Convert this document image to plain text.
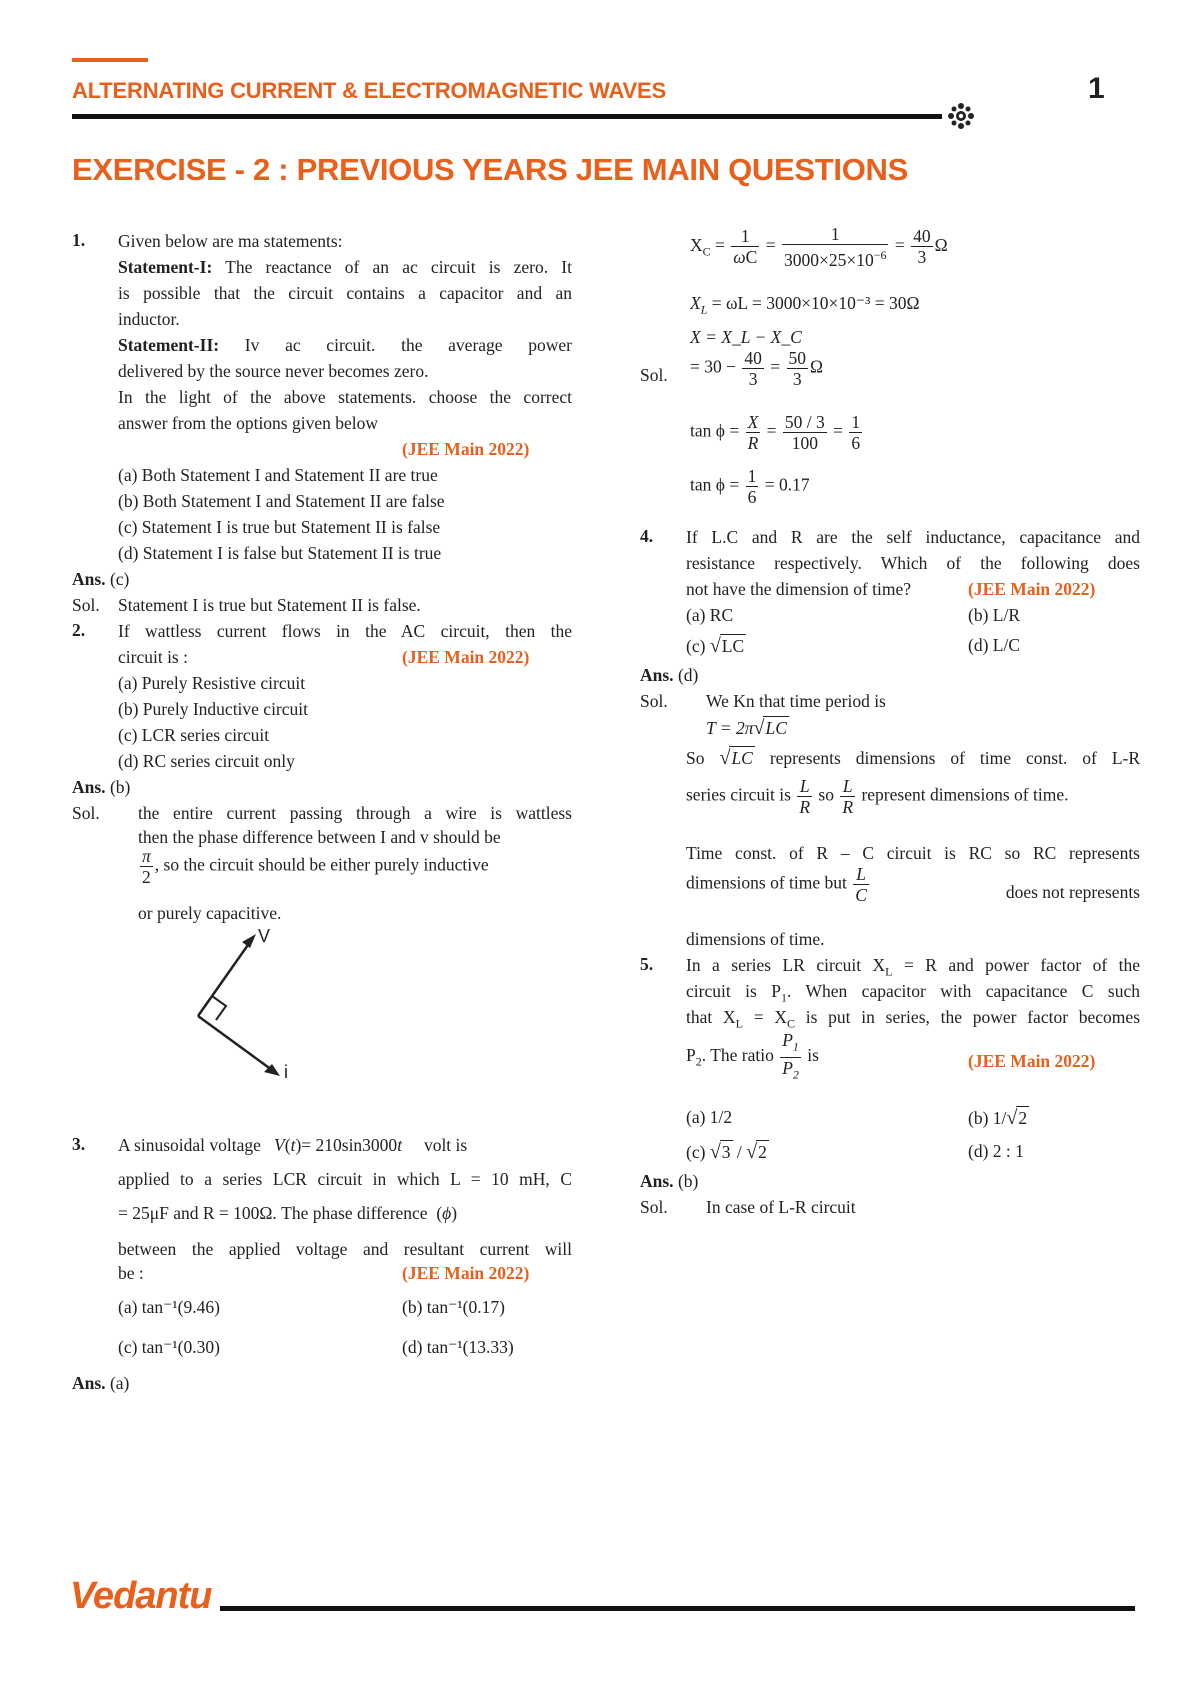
ALTERNATING CURRENT & ELECTROMAGNETIC WAVES	1
EXERCISE - 2 : PREVIOUS YEARS JEE MAIN QUESTIONS
1. Given below are ma statements:
Statement-I: The reactance of an ac circuit is zero. It
is possible that the circuit contains a capacitor and an
inductor.
Statement-II: Iv ac circuit. the average power
delivered by the source never becomes zero.
In the light of the above statements. choose the correct
answer from the options given below
(JEE Main 2022)
(a) Both Statement I and Statement II are true
(b) Both Statement I and Statement II are false
(c) Statement I is true but Statement II is false
(d) Statement I is false but Statement II is true
Ans. (c)
Sol. Statement I is true but Statement II is false.
2. If wattless current flows in the AC circuit, then the
circuit is :	(JEE Main 2022)
(a) Purely Resistive circuit
(b) Purely Inductive circuit
(c) LCR series circuit
(d) RC series circuit only
Ans. (b)
Sol. the entire current passing through a wire is wattless
then the phase difference between I and v should be
$\frac{\pi}{2}$ , so the circuit should be either purely inductive
or purely capacitive.
V
i
3. A sinusoidal voltage V(t)= 210sin3000t volt is
applied to a series LCR circuit in which L = 10 mH, C
= 25μF and R = 100Ω. The phase difference  (ϕ)
between the applied voltage and resultant current will
be :	(JEE Main 2022)
(a) tan⁻¹(9.46)	(b) tan⁻¹(0.17)
(c) tan⁻¹(0.30)	(d) tan⁻¹(13.33)
Ans. (a)
$X_C = \frac{1}{\omega C} = \frac{1}{3000\times 25\times 10^{-6}} = \frac{40}{3}$ Ω
$X_L = \omega L = 3000\times 10\times 10^{-3} = 30\Omega$
X = X_L − X_C
Sol. = $30 - \frac{40}{3} = \frac{50}{3}$ Ω
$\tan \phi = \frac{X}{R} = \frac{50 / 3}{100} = \frac{1}{6}$
$\tan \phi = \frac{1}{6} = 0.17$
4. If L.C and R are the self inductance, capacitance and
resistance respectively. Which of the following does
not have the dimension of time?	(JEE Main 2022)
(a) RC	(b) L/R
(c) √LC	(d) L/C
Ans. (d)
Sol. We Kn that time period is
T = 2π√LC
So √LC represents dimensions of time const. of L-R
series circuit is $\frac{L}{R}$ so $\frac{L}{R}$ represent dimensions of time.
Time const. of R – C circuit is RC so RC represents
dimensions of time but $\frac{L}{C}$	does not represents
dimensions of time.
5. In a series LR circuit $X_L = R$ and power factor of the
circuit is $P_1$. When capacitor with capacitance C such
that $X_L = X_C$ is put in series, the power factor becomes
$P_2$. The ratio $\frac{P_1}{P_2}$ is	(JEE Main 2022)
(a) 1/2	(b) 1/√2
(c) √3 / √2	(d) 2 : 1
Ans. (b)
Sol. In case of L-R circuit
Vedantu
